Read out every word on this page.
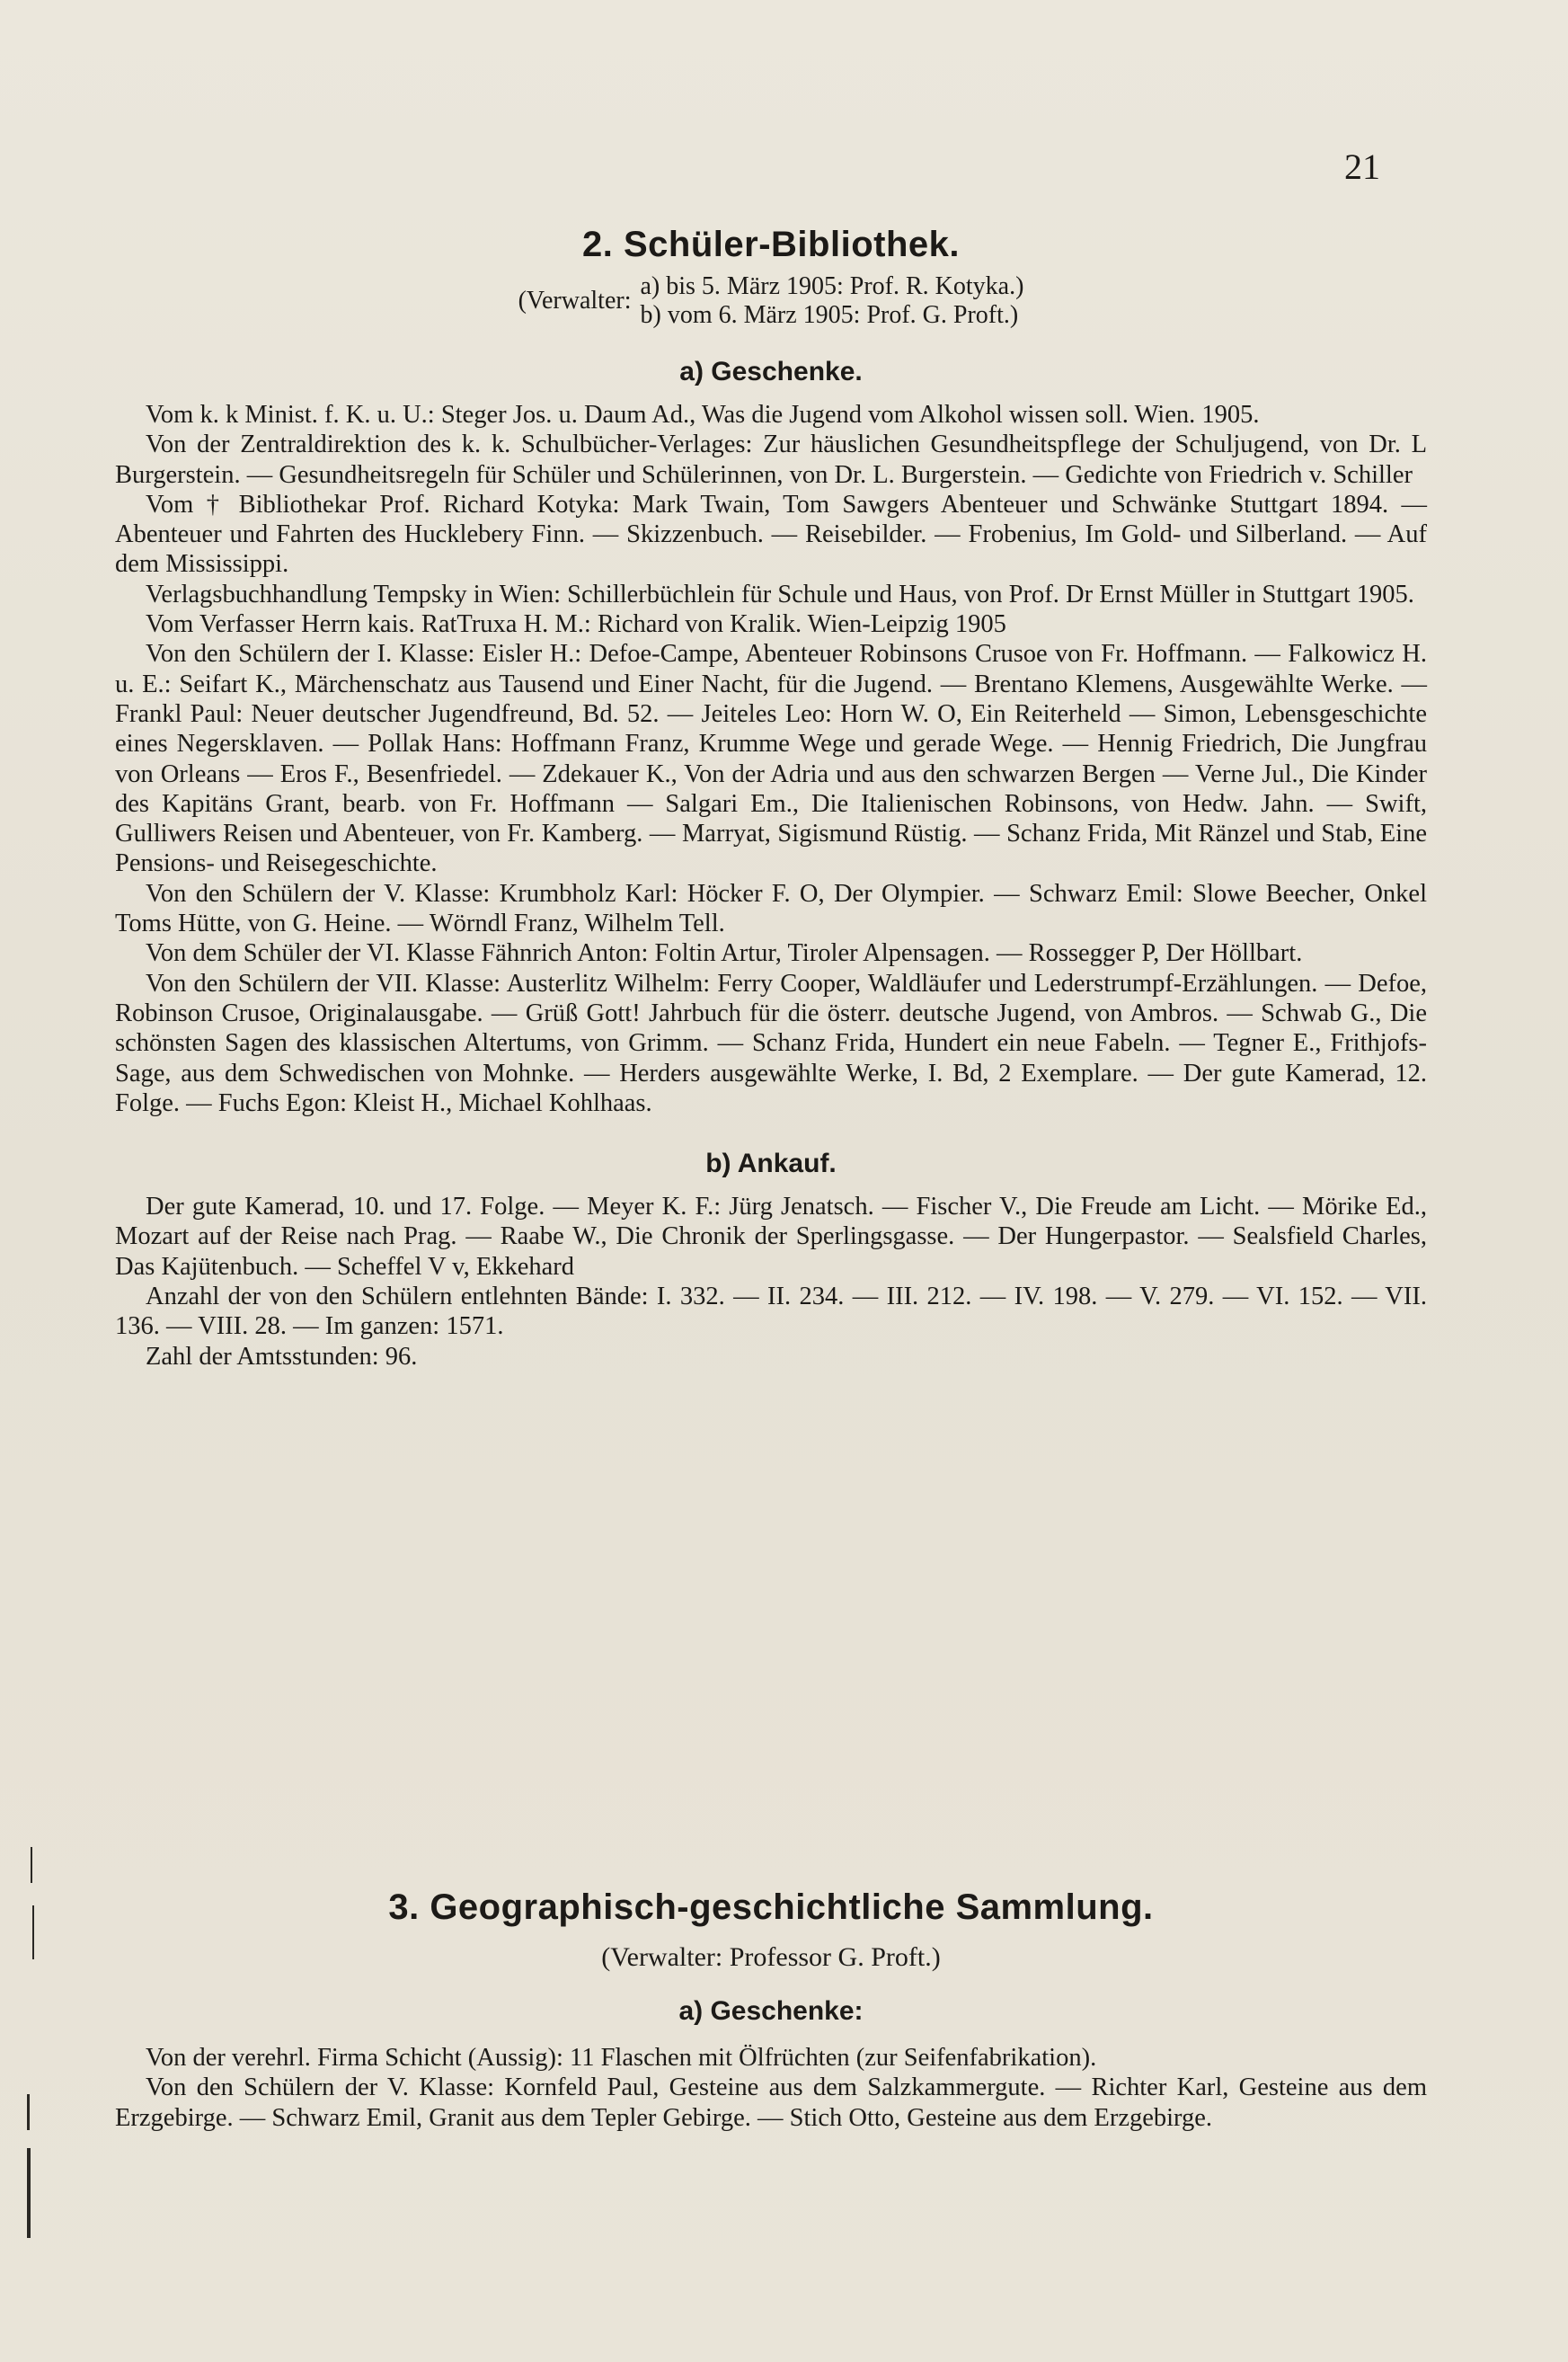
21
2. Schüler-Bibliothek.
(Verwalter:
a) bis 5. März 1905: Prof. R. Kotyka.)
b) vom 6. März 1905: Prof. G. Proft.)
a) Geschenke.

Vom k. k Minist. f. K. u. U.: Steger Jos. u. Daum Ad., Was die Jugend vom Alkohol wissen soll. Wien. 1905.

Von der Zentraldirektion des k. k. Schulbücher-Verlages: Zur häuslichen Gesundheitspflege der Schuljugend, von Dr. L Burgerstein. — Gesundheitsregeln für Schüler und Schülerinnen, von Dr. L. Burgerstein. — Gedichte von Friedrich v. Schiller

Vom † Bibliothekar Prof. Richard Kotyka: Mark Twain, Tom Sawgers Abenteuer und Schwänke Stuttgart 1894. — Abenteuer und Fahrten des Hucklebery Finn. — Skizzenbuch. — Reisebilder. — Frobenius, Im Gold- und Silberland. — Auf dem Mississippi.

Verlagsbuchhandlung Tempsky in Wien: Schillerbüchlein für Schule und Haus, von Prof. Dr Ernst Müller in Stuttgart 1905.

Vom Verfasser Herrn kais. RatTruxa H. M.: Richard von Kralik. Wien-Leipzig 1905

Von den Schülern der I. Klasse: Eisler H.: Defoe-Campe, Abenteuer Robinsons Crusoe von Fr. Hoffmann. — Falkowicz H. u. E.: Seifart K., Märchenschatz aus Tausend und Einer Nacht, für die Jugend. — Brentano Klemens, Ausgewählte Werke. — Frankl Paul: Neuer deutscher Jugendfreund, Bd. 52. — Jeiteles Leo: Horn W. O, Ein Reiterheld — Simon, Lebensgeschichte eines Negersklaven. — Pollak Hans: Hoffmann Franz, Krumme Wege und gerade Wege. — Hennig Friedrich, Die Jungfrau von Orleans — Eros F., Besenfriedel. — Zdekauer K., Von der Adria und aus den schwarzen Bergen — Verne Jul., Die Kinder des Kapitäns Grant, bearb. von Fr. Hoffmann — Salgari Em., Die Italienischen Robinsons, von Hedw. Jahn. — Swift, Gulliwers Reisen und Abenteuer, von Fr. Kamberg. — Marryat, Sigismund Rüstig. — Schanz Frida, Mit Ränzel und Stab, Eine Pensions- und Reisegeschichte.

Von den Schülern der V. Klasse: Krumbholz Karl: Höcker F. O, Der Olympier. — Schwarz Emil: Slowe Beecher, Onkel Toms Hütte, von G. Heine. — Wörndl Franz, Wilhelm Tell.

Von dem Schüler der VI. Klasse Fähnrich Anton: Foltin Artur, Tiroler Alpensagen. — Rossegger P, Der Höllbart.

Von den Schülern der VII. Klasse: Austerlitz Wilhelm: Ferry Cooper, Waldläufer und Lederstrumpf-Erzählungen. — Defoe, Robinson Crusoe, Originalausgabe. — Grüß Gott! Jahrbuch für die österr. deutsche Jugend, von Ambros. — Schwab G., Die schönsten Sagen des klassischen Altertums, von Grimm. — Schanz Frida, Hundert ein neue Fabeln. — Tegner E., Frithjofs-Sage, aus dem Schwedischen von Mohnke. — Herders ausgewählte Werke, I. Bd, 2 Exemplare. — Der gute Kamerad, 12. Folge. — Fuchs Egon: Kleist H., Michael Kohlhaas.

b) Ankauf.

Der gute Kamerad, 10. und 17. Folge. — Meyer K. F.: Jürg Jenatsch. — Fischer V., Die Freude am Licht. — Mörike Ed., Mozart auf der Reise nach Prag. — Raabe W., Die Chronik der Sperlingsgasse. — Der Hungerpastor. — Sealsfield Charles, Das Kajütenbuch. — Scheffel V v, Ekkehard

Anzahl der von den Schülern entlehnten Bände: I. 332. — II. 234. — III. 212. — IV. 198. — V. 279. — VI. 152. — VII. 136. — VIII. 28. — Im ganzen: 1571.

Zahl der Amtsstunden: 96.

3. Geographisch-geschichtliche Sammlung.

(Verwalter: Professor G. Proft.)

a) Geschenke:

Von der verehrl. Firma Schicht (Aussig): 11 Flaschen mit Ölfrüchten (zur Seifenfabrikation).

Von den Schülern der V. Klasse: Kornfeld Paul, Gesteine aus dem Salzkammergute. — Richter Karl, Gesteine aus dem Erzgebirge. — Schwarz Emil, Granit aus dem Tepler Gebirge. — Stich Otto, Gesteine aus dem Erzgebirge.
